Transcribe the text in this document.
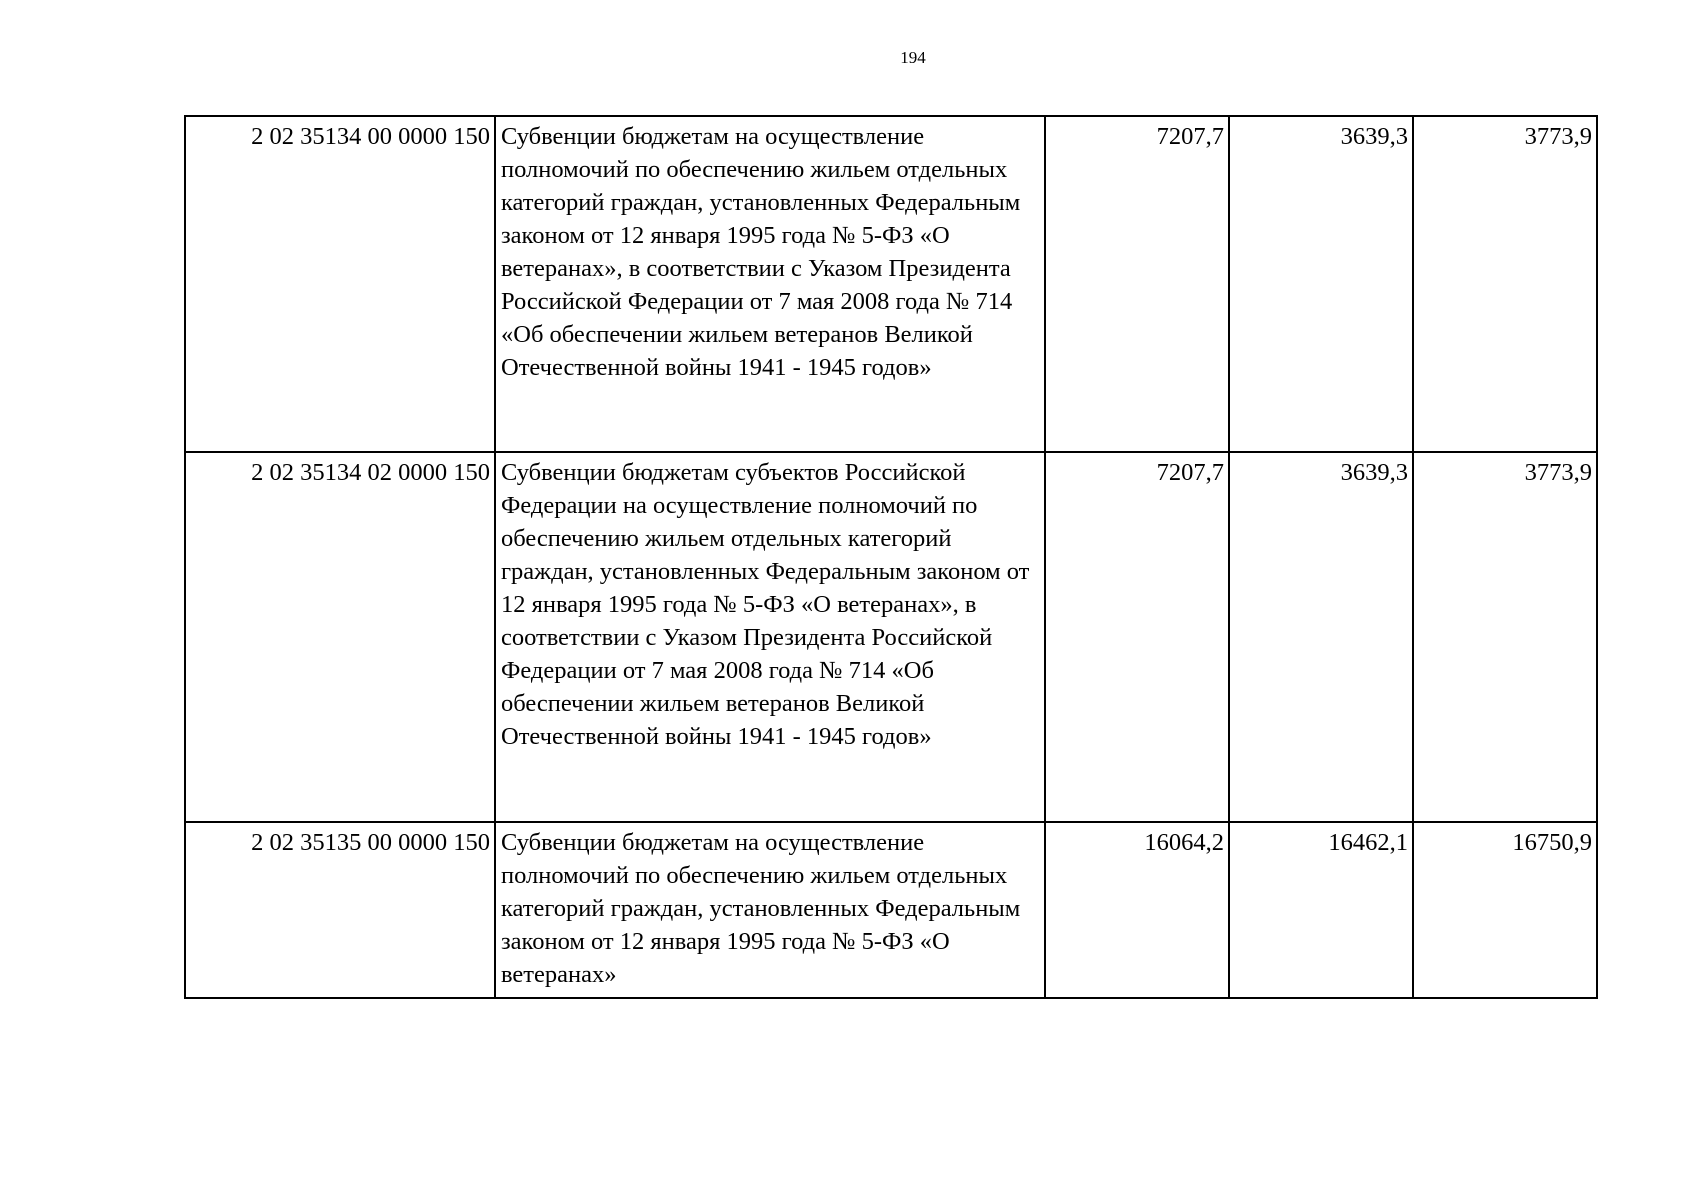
194
2 02 35134 00 0000 150	Субвенции бюджетам на осуществление полномочий по обеспечению жильем отдельных категорий граждан, установленных Федеральным законом от 12 января 1995 года № 5-ФЗ «О ветеранах», в соответствии с Указом Президента Российской Федерации от 7 мая 2008 года № 714 «Об обеспечении жильем ветеранов Великой Отечественной войны 1941 - 1945 годов»	7207,7	3639,3	3773,9
2 02 35134 02 0000 150	Субвенции бюджетам субъектов Российской Федерации на осуществление полномочий по обеспечению жильем отдельных категорий граждан, установленных Федеральным законом от 12 января 1995 года № 5-ФЗ «О ветеранах», в соответствии с Указом Президента Российской Федерации от 7 мая 2008 года № 714 «Об обеспечении жильем ветеранов Великой Отечественной войны 1941 - 1945 годов»	7207,7	3639,3	3773,9
2 02 35135 00 0000 150	Субвенции бюджетам на осуществление полномочий по обеспечению жильем отдельных категорий граждан, установленных Федеральным законом от 12 января 1995 года № 5-ФЗ «О ветеранах»	16064,2	16462,1	16750,9
